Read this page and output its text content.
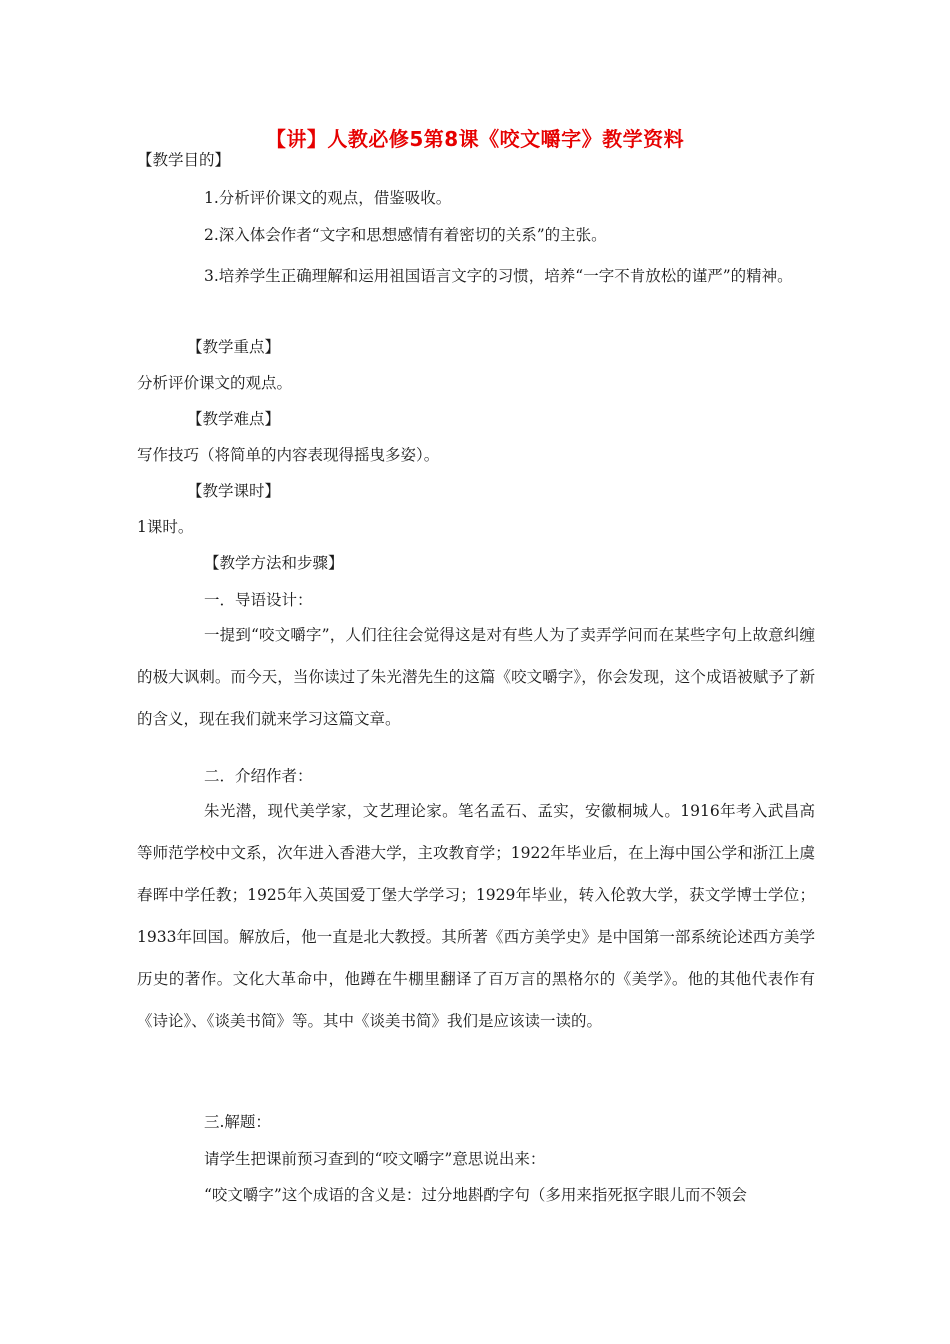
【讲】人教必修5第8课《咬文嚼字》教学资料
【教学目的】
1.分析评价课文的观点，借鉴吸收。
2.深入体会作者“文字和思想感情有着密切的关系”的主张。

3.培养学生正确理解和运用祖国语言文字的习惯，培养“一字不肯放松的谨严”的精神。

【教学重点】
分析评价课文的观点。
【教学难点】
写作技巧（将简单的内容表现得摇曳多姿）。
【教学课时】
1课时。
【教学方法和步骤】
一．导语设计：

一提到“咬文嚼字”，人们往往会觉得这是对有些人为了卖弄学问而在某些字句上故意纠缠的极大讽刺。而今天，当你读过了朱光潜先生的这篇《咬文嚼字》，你会发现，这个成语被赋予了新的含义，现在我们就来学习这篇文章。

二．介绍作者：

朱光潜，现代美学家，文艺理论家。笔名孟石、孟实，安徽桐城人。1916年考入武昌高等师范学校中文系，次年进入香港大学，主攻教育学；1922年毕业后，在上海中国公学和浙江上虞春晖中学任教；1925年入英国爱丁堡大学学习；1929年毕业，转入伦敦大学，获文学博士学位；1933年回国。解放后，他一直是北大教授。其所著《西方美学史》是中国第一部系统论述西方美学历史的著作。文化大革命中，他蹲在牛棚里翻译了百万言的黑格尔的《美学》。他的其他代表作有《诗论》、《谈美书简》等。其中《谈美书简》我们是应该读一读的。

三.解题：
请学生把课前预习查到的“咬文嚼字”意思说出来：
“咬文嚼字”这个成语的含义是：过分地斟酌字句（多用来指死抠字眼儿而不领会
